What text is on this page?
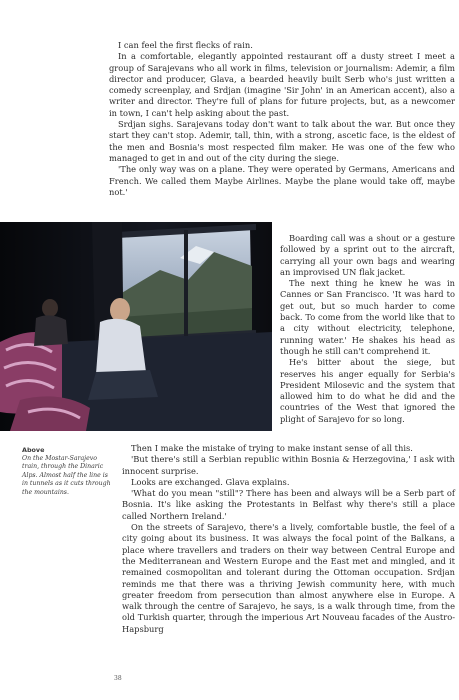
I can feel the first flecks of rain.

In a comfortable, elegantly appointed restaurant off a dusty street I meet a group of Sarajevans who all work in films, television or journalism: Ademir, a film director and producer, Glava, a bearded heavily built Serb who's just written a comedy screenplay, and Srdjan (imagine 'Sir John' in an American accent), also a writer and director. They're full of plans for future projects, but, as a newcomer in town, I can't help asking about the past.

Srdjan sighs. Sarajevans today don't want to talk about the war. But once they start they can't stop. Ademir, tall, thin, with a strong, ascetic face, is the eldest of the men and Bosnia's most respected film maker. He was one of the few who managed to get in and out of the city during the siege.

'The only way was on a plane. They were operated by Germans, Americans and French. We called them Maybe Airlines. Maybe the plane would take off, maybe not.'

Boarding call was a shout or a gesture followed by a sprint out to the aircraft, carrying all your own bags and wearing an improvised UN flak jacket.

The next thing he knew he was in Cannes or San Francisco. 'It was hard to get out, but so much harder to come back. To come from the world like that to a city without electricity, telephone, running water.' He shakes his head as though he still can't comprehend it.

He's bitter about the siege, but reserves his anger equally for Serbia's President Milosevic and the system that allowed him to do what he did and the countries of the West that ignored the plight of Sarajevo for so long.

Above
On the Mostar-Sarajevo train, through the Dinaric Alps. Almost half the line is in tunnels as it cuts through the mountains.

Then I make the mistake of trying to make instant sense of all this.

'But there's still a Serbian republic within Bosnia & Herzegovina,' I ask with innocent surprise.

Looks are exchanged. Glava explains.

'What do you mean "still"? There has been and always will be a Serb part of Bosnia. It's like asking the Protestants in Belfast why there's still a place called Northern Ireland.'

On the streets of Sarajevo, there's a lively, comfortable bustle, the feel of a city going about its business. It was always the focal point of the Balkans, a place where travellers and traders on their way between Central Europe and the Mediterranean and Western Europe and the East met and mingled, and it remained cosmopolitan and tolerant during the Ottoman occupation. Srdjan reminds me that there was a thriving Jewish community here, with much greater freedom from persecution than almost anywhere else in Europe. A walk through the centre of Sarajevo, he says, is a walk through time, from the old Turkish quarter, through the imperious Art Nouveau facades of the Austro-Hapsburg

38
